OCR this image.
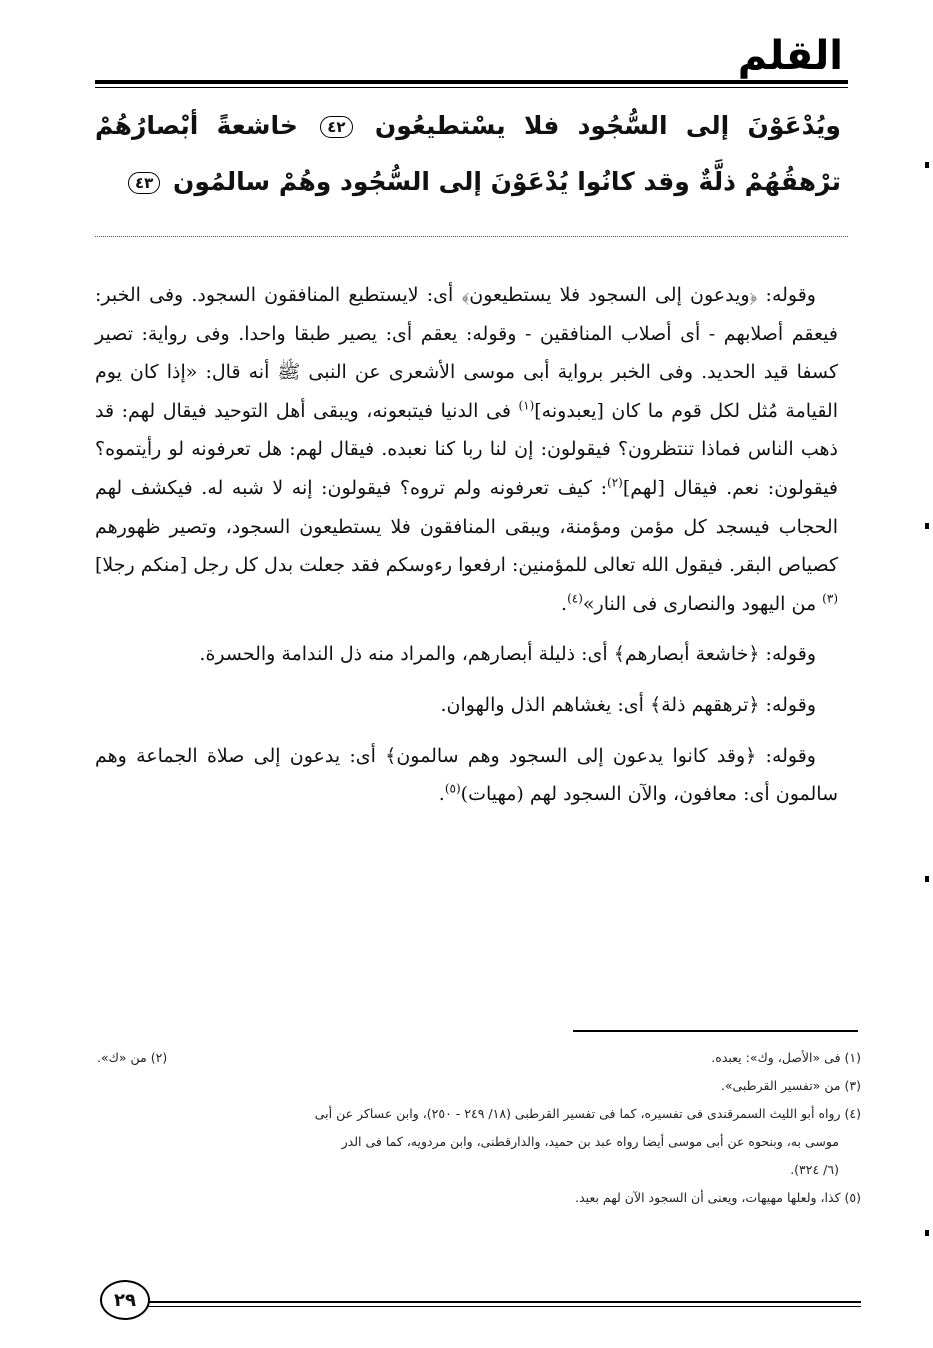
القلم
ويُدْعَوْنَ إلى السُّجُود فلا يسْتطيعُون ٤٢ خاشعةً أبْصارُهُمْ ترْهقُهُمْ ذلَّةٌ وقد كانُوا يُدْعَوْنَ إلى السُّجُود وهُمْ سالمُون ٤٣

وقوله: ﴿ويدعون إلى السجود فلا يستطيعون﴾ أى: لايستطيع المنافقون السجود. وفى الخبر: فيعقم أصلابهم - أى أصلاب المنافقين - وقوله: يعقم أى: يصير طبقا واحدا. وفى رواية: تصير كسفا قيد الحديد. وفى الخبر برواية أبى موسى الأشعرى عن النبى ﷺ أنه قال: «إذا كان يوم القيامة مُثل لكل قوم ما كان [يعبدونه]$^{(١)}$ فى الدنيا فيتبعونه، ويبقى أهل التوحيد فيقال لهم: قد ذهب الناس فماذا تنتظرون؟ فيقولون: إن لنا ربا كنا نعبده. فيقال لهم: هل تعرفونه لو رأيتموه؟ فيقولون: نعم. فيقال [لهم]$^{(٢)}$: كيف تعرفونه ولم تروه؟ فيقولون: إنه لا شبه له. فيكشف لهم الحجاب فيسجد كل مؤمن ومؤمنة، ويبقى المنافقون فلا يستطيعون السجود، وتصير ظهورهم كصياص البقر. فيقول الله تعالى للمؤمنين: ارفعوا رءوسكم فقد جعلت بدل كل رجل [منكم رجلا]$^{(٣)}$ من اليهود والنصارى فى النار»$^{(٤)}$.

وقوله: ﴿خاشعة أبصارهم﴾ أى: ذليلة أبصارهم، والمراد منه ذل الندامة والحسرة.

وقوله: ﴿ترهقهم ذلة﴾ أى: يغشاهم الذل والهوان.

وقوله: ﴿وقد كانوا يدعون إلى السجود وهم سالمون﴾ أى: يدعون إلى صلاة الجماعة وهم سالمون أى: معافون، والآن السجود لهم (مهيات)$^{(٥)}$.

(١) فى «الأصل، وك»: يعبده.
(٢) من «ك».
(٣) من «تفسير القرطبى».
(٤) رواه أبو الليث السمرقندى فى تفسيره، كما فى تفسير القرطبى (١٨/ ٢٤٩ - ٢٥٠)، وابن عساكر عن أبى
موسى به، وبنحوه عن أبى موسى أيضا رواه عبد بن حميد، والدارقطنى، وابن مردويه، كما فى الدر
(٦/ ٣٢٤).
(٥) كذا، ولعلها مهيهات، ويعنى أن السجود الآن لهم بعيد.
٢٩
